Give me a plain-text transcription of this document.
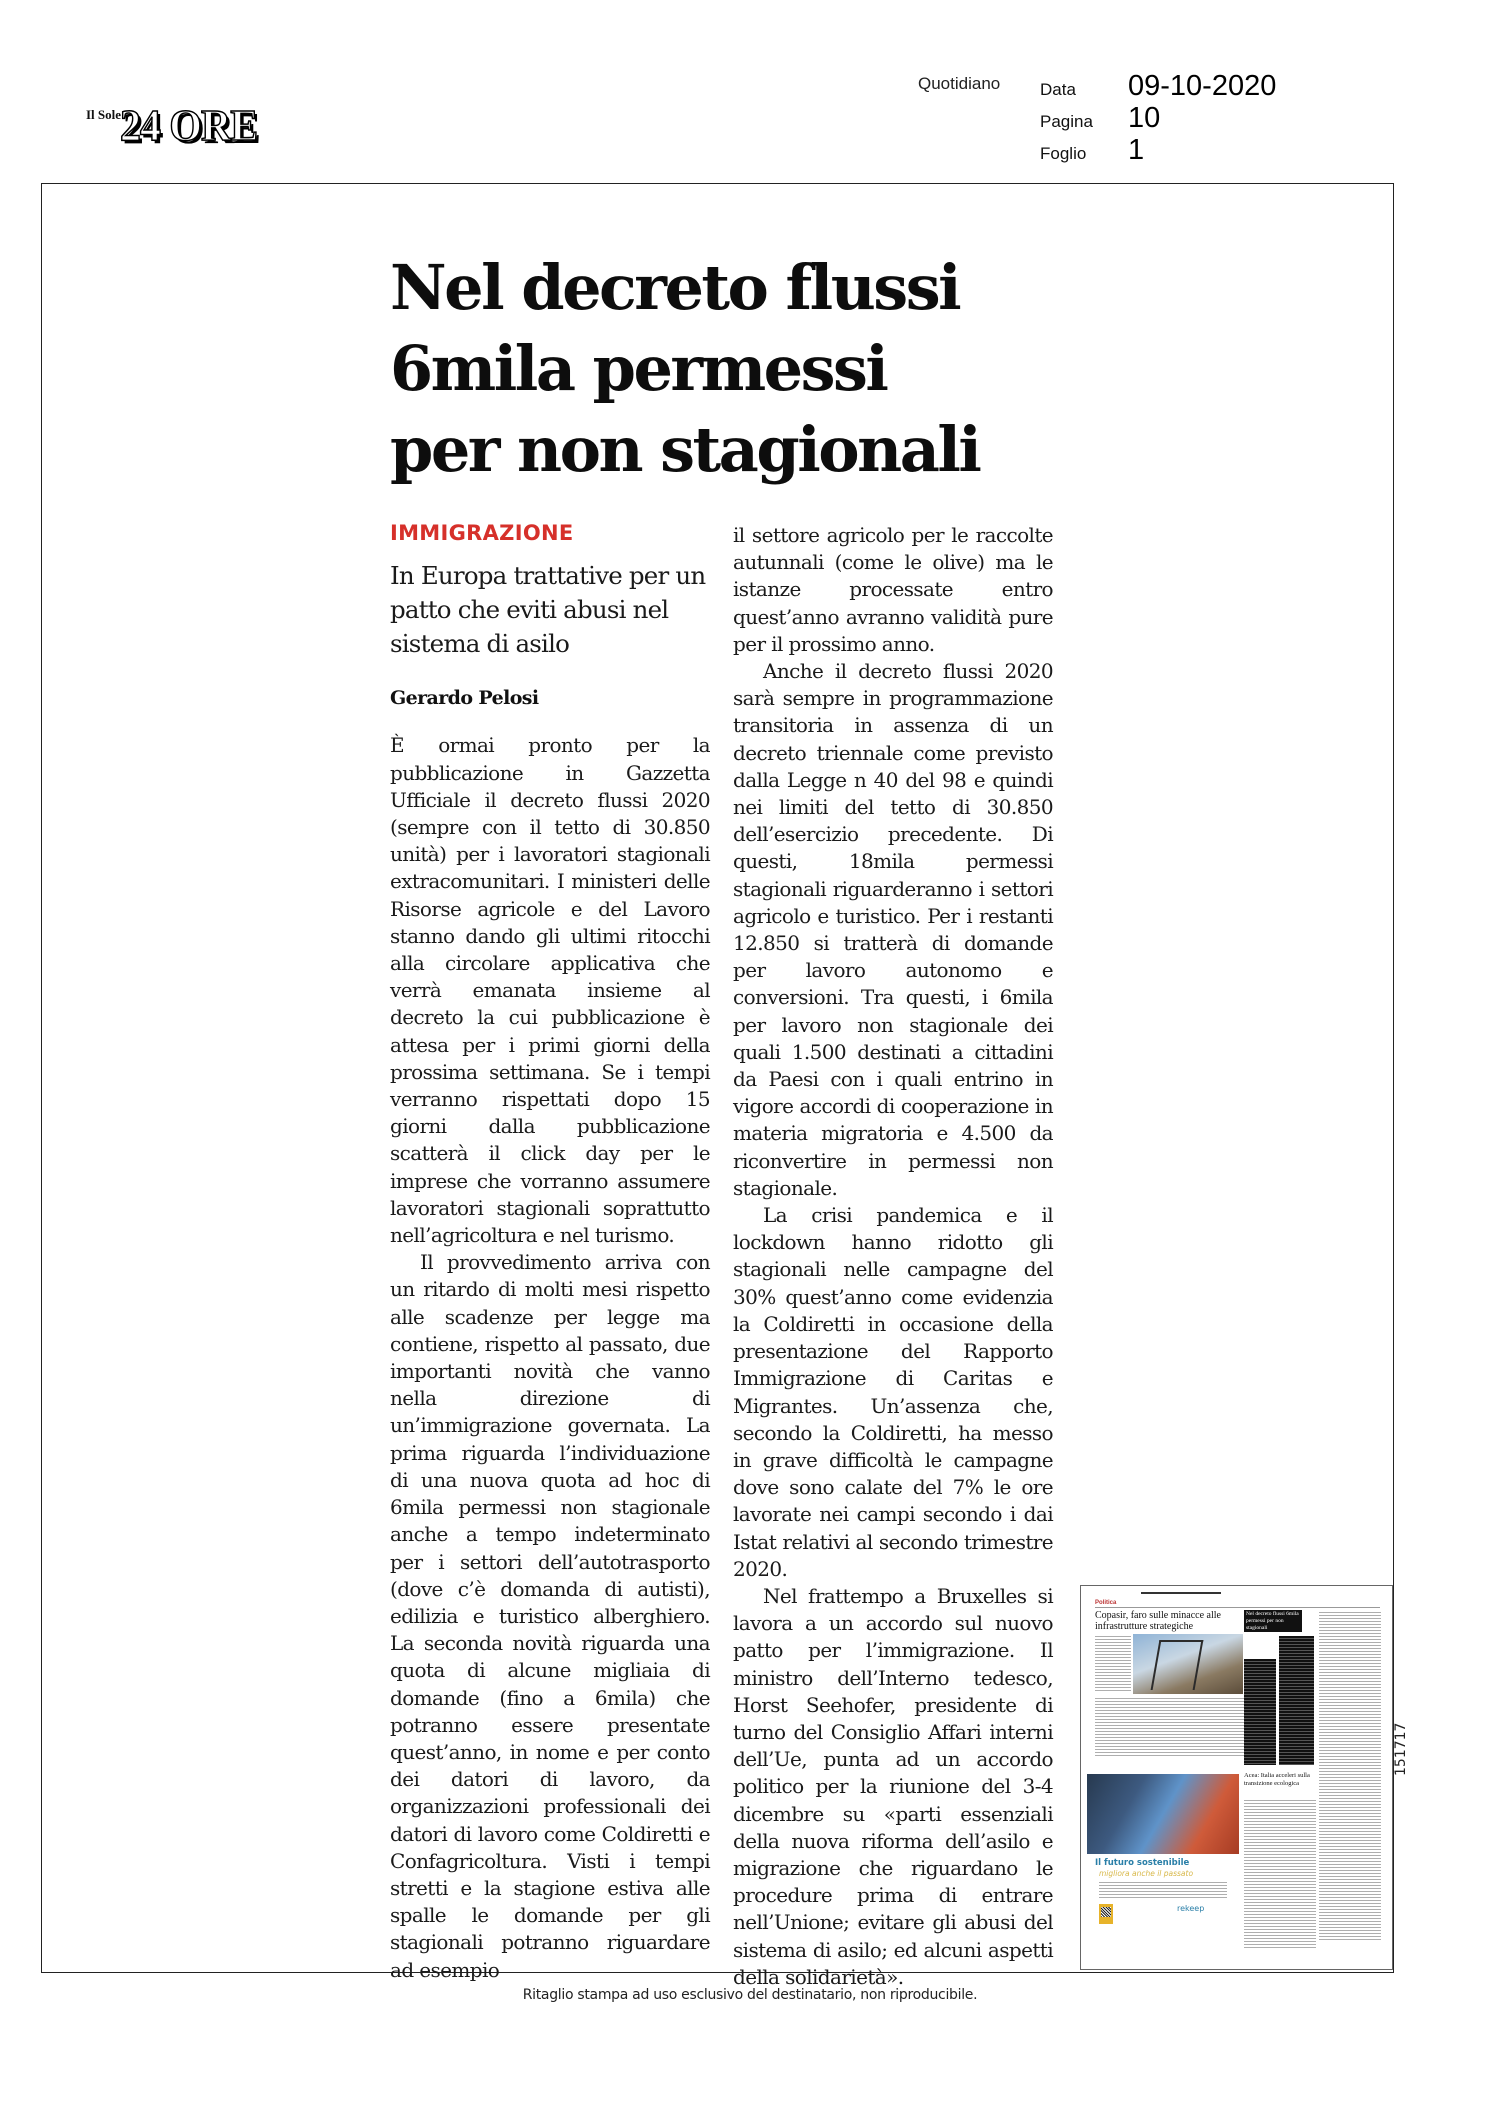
Il Sole
24 ORE
Quotidiano Data 09-10-2020
Pagina 10
Foglio 1
Nel decreto flussi
6mila permessi
per non stagionali

IMMIGRAZIONE

In Europa trattative per un patto che eviti abusi nel sistema di asilo

Gerardo Pelosi

È ormai pronto per la pubblicazione in Gazzetta Ufficiale il decreto flussi 2020 (sempre con il tetto di 30.850 unità) per i lavoratori stagionali extracomunitari. I ministeri delle Risorse agricole e del Lavoro stanno dando gli ultimi ritocchi alla circolare applicativa che verrà emanata insieme al decreto la cui pubblicazione è attesa per i primi giorni della prossima settimana. Se i tempi verranno rispettati dopo 15 giorni dalla pubblicazione scatterà il click day per le imprese che vorranno assumere lavoratori stagionali soprattutto nell’agricoltura e nel turismo.

Il provvedimento arriva con un ritardo di molti mesi rispetto alle scadenze per legge ma contiene, rispetto al passato, due importanti novità che vanno nella direzione di un’immigrazione governata. La prima riguarda l’individuazione di una nuova quota ad hoc di 6mila permessi non stagionale anche a tempo indeterminato per i settori dell’autotrasporto (dove c’è domanda di autisti), edilizia e turistico alberghiero. La seconda novità riguarda una quota di alcune migliaia di domande (fino a 6mila) che potranno essere presentate quest’anno, in nome e per conto dei datori di lavoro, da organizzazioni professionali dei datori di lavoro come Coldiretti e Confagricoltura. Visti i tempi stretti e la stagione estiva alle spalle le domande per gli stagionali potranno riguardare ad esempio

il settore agricolo per le raccolte autunnali (come le olive) ma le istanze processate entro quest’anno avranno validità pure per il prossimo anno.

Anche il decreto flussi 2020 sarà sempre in programmazione transitoria in assenza di un decreto triennale come previsto dalla Legge n 40 del 98 e quindi nei limiti del tetto di 30.850 dell’esercizio precedente. Di questi, 18mila permessi stagionali riguarderanno i settori agricolo e turistico. Per i restanti 12.850 si tratterà di domande per lavoro autonomo e conversioni. Tra questi, i 6mila per lavoro non stagionale dei quali 1.500 destinati a cittadini da Paesi con i quali entrino in vigore accordi di cooperazione in materia migratoria e 4.500 da riconvertire in permessi non stagionale.

La crisi pandemica e il lockdown hanno ridotto gli stagionali nelle campagne del 30% quest’anno come evidenzia la Coldiretti in occasione della presentazione del Rapporto Immigrazione di Caritas e Migrantes. Un’assenza che, secondo la Coldiretti, ha messo in grave difficoltà le campagne dove sono calate del 7% le ore lavorate nei campi secondo i dai Istat relativi al secondo trimestre 2020.

Nel frattempo a Bruxelles si lavora a un accordo sul nuovo patto per l’immigrazione. Il ministro dell’Interno tedesco, Horst Seehofer, presidente di turno del Consiglio Affari interni dell’Ue, punta ad un accordo politico per la riunione del 3-4 dicembre su «parti essenziali della nuova riforma dell’asilo e migrazione che riguardano le procedure prima di entrare nell’Unione; evitare gli abusi del sistema di asilo; ed alcuni aspetti della solidarietà».

Politica
Copasir, faro sulle minacce alle infrastrutture strategiche
Nel decreto flussi 6mila permessi per non stagionali
Acea: Italia acceleri sulla transizione ecologica
Il futuro sostenibile
migliora anche il passato
rekeep
151717
Ritaglio stampa ad uso esclusivo del destinatario, non riproducibile.
